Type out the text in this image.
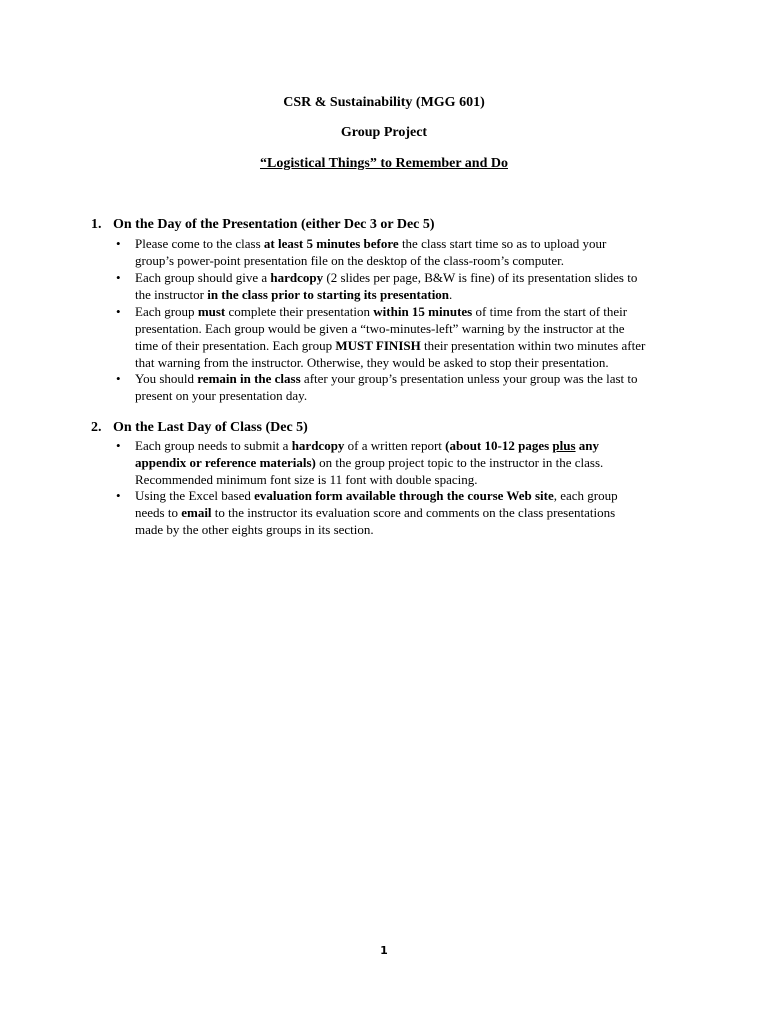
CSR & Sustainability (MGG 601)
Group Project
“Logistical Things” to Remember and Do
1. On the Day of the Presentation (either Dec 3 or Dec 5)
•	Please come to the class at least 5 minutes before the class start time so as to upload your
group’s power-point presentation file on the desktop of the class-room’s computer.
•	Each group should give a hardcopy (2 slides per page, B&W is fine) of its presentation slides to
the instructor in the class prior to starting its presentation.
•	Each group must complete their presentation within 15 minutes of time from the start of their
presentation. Each group would be given a “two-minutes-left” warning by the instructor at the
time of their presentation. Each group MUST FINISH their presentation within two minutes after
that warning from the instructor. Otherwise, they would be asked to stop their presentation.
•	You should remain in the class after your group’s presentation unless your group was the last to
present on your presentation day.
2. On the Last Day of Class (Dec 5)
•	Each group needs to submit a hardcopy of a written report (about 10-12 pages plus any
appendix or reference materials) on the group project topic to the instructor in the class.
Recommended minimum font size is 11 font with double spacing.
•	Using the Excel based evaluation form available through the course Web site, each group
needs to email to the instructor its evaluation score and comments on the class presentations
made by the other eights groups in its section.
1
